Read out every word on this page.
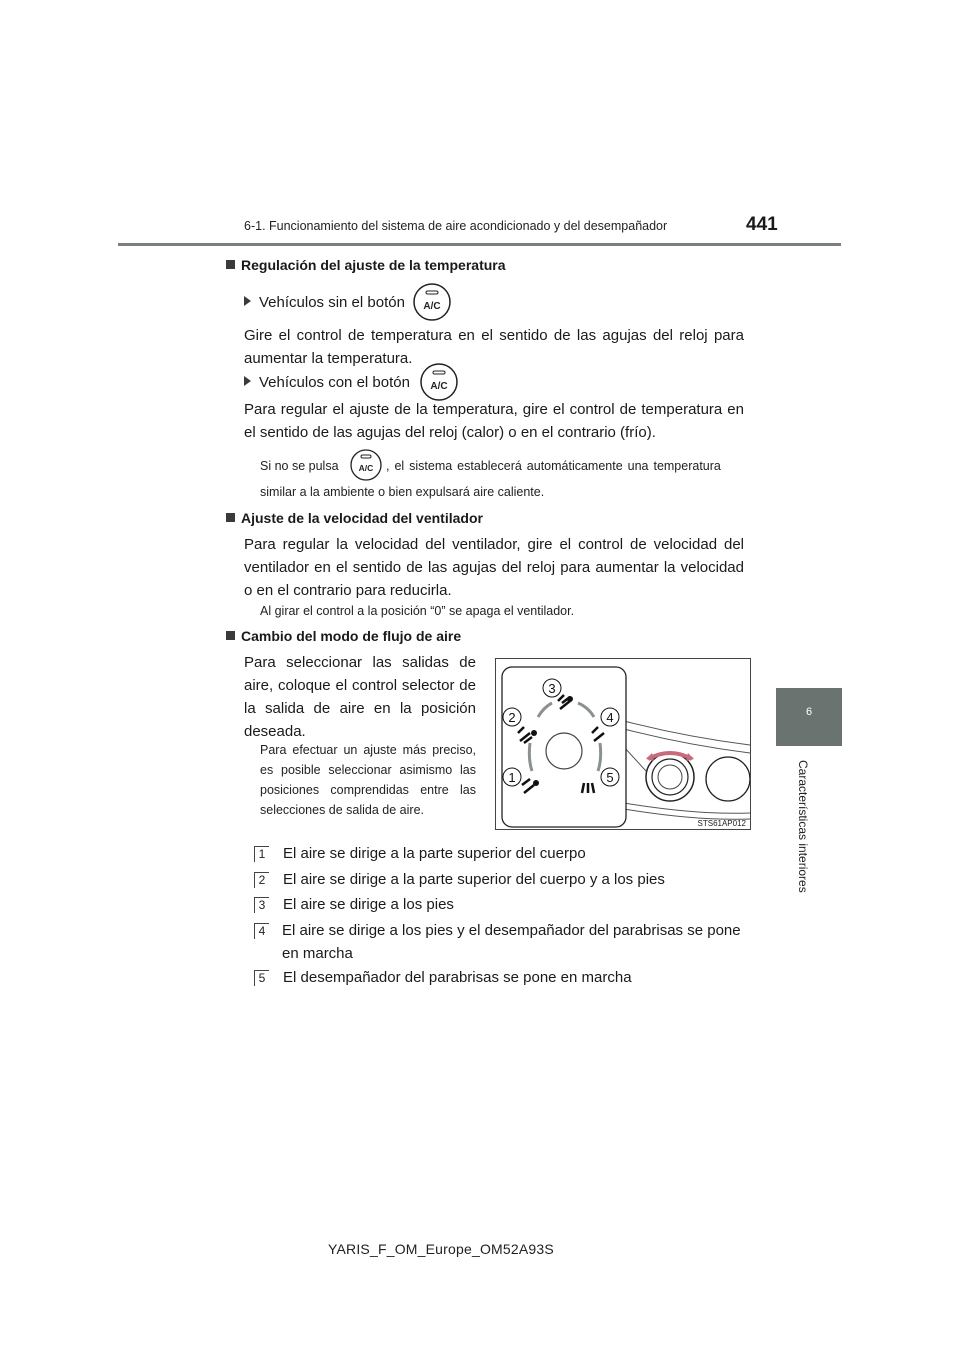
6-1. Funcionamiento del sistema de aire acondicionado y del desempañador	441
6
Características interiores
Regulación del ajuste de la temperatura
Vehículos sin el botón A/C
Gire el control de temperatura en el sentido de las agujas del reloj para aumentar la temperatura.
Vehículos con el botón A/C
Para regular el ajuste de la temperatura, gire el control de temperatura en el sentido de las agujas del reloj (calor) o en el contrario (frío).
Si no se pulsa A/C , el sistema establecerá automáticamente una temperatura
similar a la ambiente o bien expulsará aire caliente.
Ajuste de la velocidad del ventilador
Para regular la velocidad del ventilador, gire el control de velocidad del ventilador en el sentido de las agujas del reloj para aumentar la velocidad o en el contrario para reducirla.
Al girar el control a la posición “0” se apaga el ventilador.
Cambio del modo de flujo de aire
Para seleccionar las salidas de aire, coloque el control selector de la salida de aire en la posición deseada.
Para efectuar un ajuste más preciso, es posible seleccionar asimismo las posiciones comprendidas entre las selecciones de salida de aire.
3
2	4
1	5
STS61AP012
1 El aire se dirige a la parte superior del cuerpo
2 El aire se dirige a la parte superior del cuerpo y a los pies
3 El aire se dirige a los pies
4	El aire se dirige a los pies y el desempañador del parabrisas se pone en marcha
5 El desempañador del parabrisas se pone en marcha
YARIS_F_OM_Europe_OM52A93S
